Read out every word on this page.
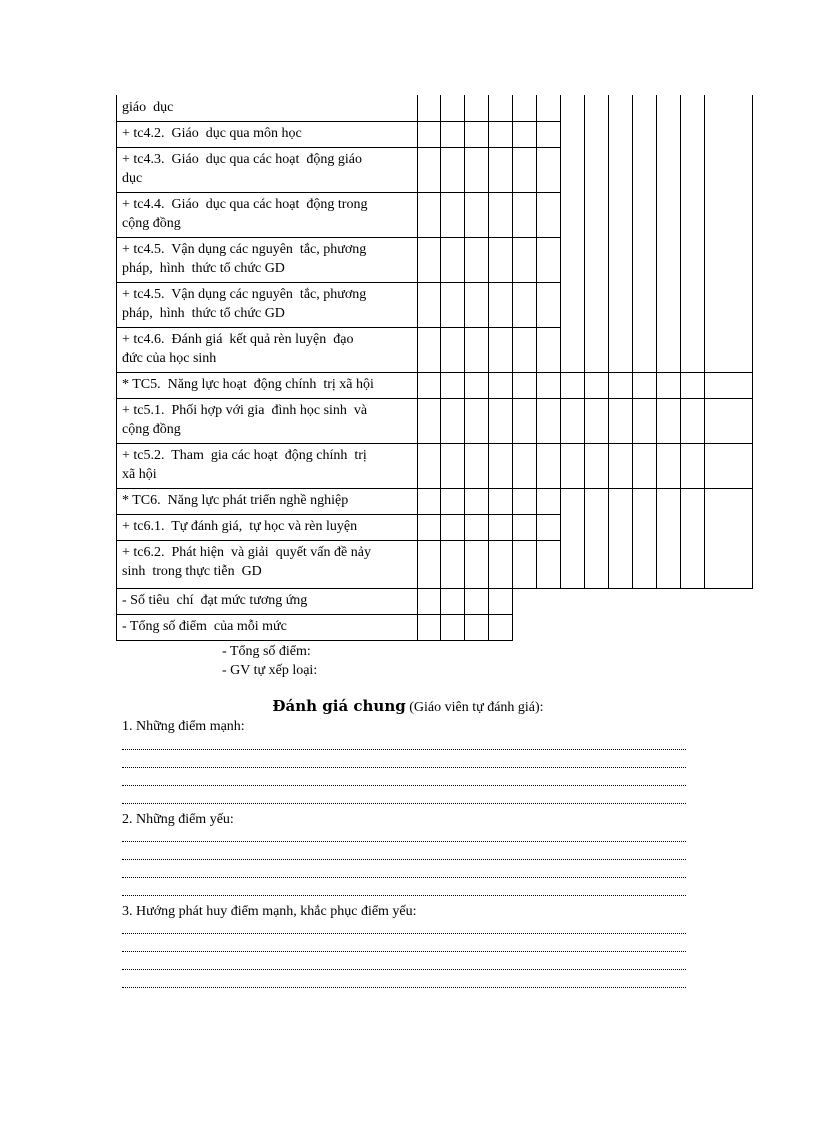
giáo  dục
+ tc4.2.  Giáo  dục qua môn học
+ tc4.3.  Giáo  dục qua các hoạt  động giáo
dục
+ tc4.4.  Giáo  dục qua các hoạt  động trong
cộng đồng
+ tc4.5.  Vận dụng các nguyên  tắc, phương
pháp,  hình  thức tổ chức GD
+ tc4.5.  Vận dụng các nguyên  tắc, phương
pháp,  hình  thức tổ chức GD
+ tc4.6.  Đánh giá  kết quả rèn luyện  đạo
đức của học sinh
* TC5.  Năng lực hoạt  động chính  trị xã hội
+ tc5.1.  Phối hợp với gia  đình học sinh  và
cộng đồng
+ tc5.2.  Tham  gia các hoạt  động chính  trị
xã hội
* TC6.  Năng lực phát triển nghề nghiệp
+ tc6.1.  Tự đánh giá,  tự học và rèn luyện
+ tc6.2.  Phát hiện  và giải  quyết vấn đề nảy
sinh  trong thực tiễn  GD
- Số tiêu  chí  đạt mức tương ứng
- Tổng số điểm  của mỗi mức
- Tổng số điểm:
- GV tự xếp loại:
Đánh giá chung (Giáo viên tự đánh giá):
1. Những điểm mạnh:
2. Những điểm yếu:
3. Hướng phát huy điểm mạnh, khắc phục điểm yếu:
